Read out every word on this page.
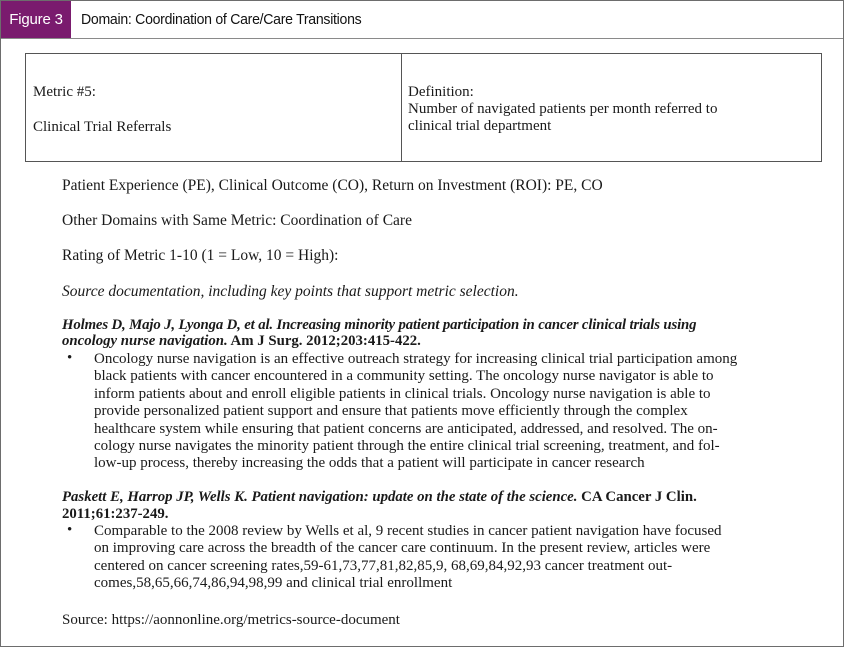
Figure 3	Domain: Coordination of Care/Care Transitions
Metric #5:
Clinical Trial Referrals
Definition:
Number of navigated patients per month referred to
clinical trial department
Patient Experience (PE), Clinical Outcome (CO), Return on Investment (ROI): PE, CO
Other Domains with Same Metric: Coordination of Care
Rating of Metric 1-10 (1 = Low, 10 = High):
Source documentation, including key points that support metric selection.
Holmes D, Majo J, Lyonga D, et al. Increasing minority patient participation in cancer clinical trials using
oncology nurse navigation. Am J Surg. 2012;203:415-422.
• Oncology nurse navigation is an effective outreach strategy for increasing clinical trial participation among
black patients with cancer encountered in a community setting. The oncology nurse navigator is able to
inform patients about and enroll eligible patients in clinical trials. Oncology nurse navigation is able to
provide personalized patient support and ensure that patients move efficiently through the complex
healthcare system while ensuring that patient concerns are anticipated, addressed, and resolved. The on-
cology nurse navigates the minority patient through the entire clinical trial screening, treatment, and fol-
low-up process, thereby increasing the odds that a patient will participate in cancer research
Paskett E, Harrop JP, Wells K. Patient navigation: update on the state of the science. CA Cancer J Clin.
2011;61:237-249.
• Comparable to the 2008 review by Wells et al, 9 recent studies in cancer patient navigation have focused
on improving care across the breadth of the cancer care continuum. In the present review, articles were
centered on cancer screening rates,59-61,73,77,81,82,85,9, 68,69,84,92,93 cancer treatment out-
comes,58,65,66,74,86,94,98,99 and clinical trial enrollment
Source: https://aonnonline.org/metrics-source-document
